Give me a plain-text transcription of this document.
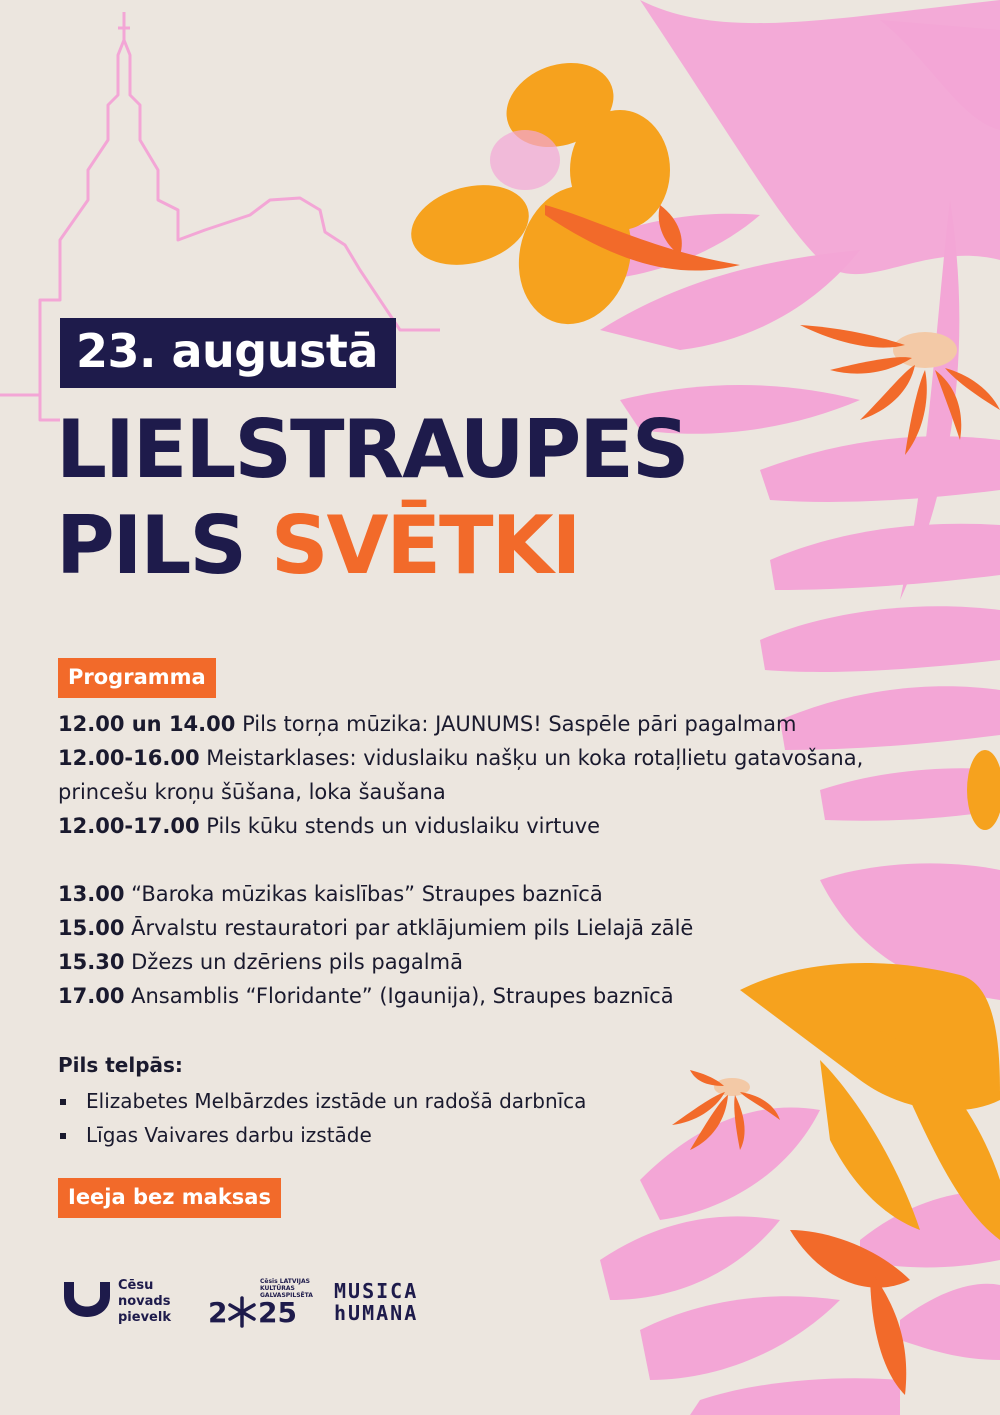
23. augustā
LIELSTRAUPES
PILS SVĒTKI
Programma

12.00 un 14.00 Pils torņa mūzika: JAUNUMS! Saspēle pāri pagalmam

12.00-16.00 Meistarklases: viduslaiku našķu un koka rotaļlietu gatavošana,

princešu kroņu šūšana, loka šaušana

12.00-17.00 Pils kūku stends un viduslaiku virtuve

13.00 “Baroka mūzikas kaislības” Straupes baznīcā

15.00 Ārvalstu restauratori par atklājumiem pils Lielajā zālē

15.30 Džezs un dzēriens pils pagalmā

17.00 Ansamblis “Floridante” (Igaunija), Straupes baznīcā

Pils telpās:

Elizabetes Melbārzdes izstāde un radošā darbnīca
Līgas Vaivares darbu izstāde
Ieeja bez maksas
Cēsu
novads
pievelk
Cēsis LATVIJAS KULTŪRAS GALVASPILSĒTA
2 25
MUSICA
hUMANA
